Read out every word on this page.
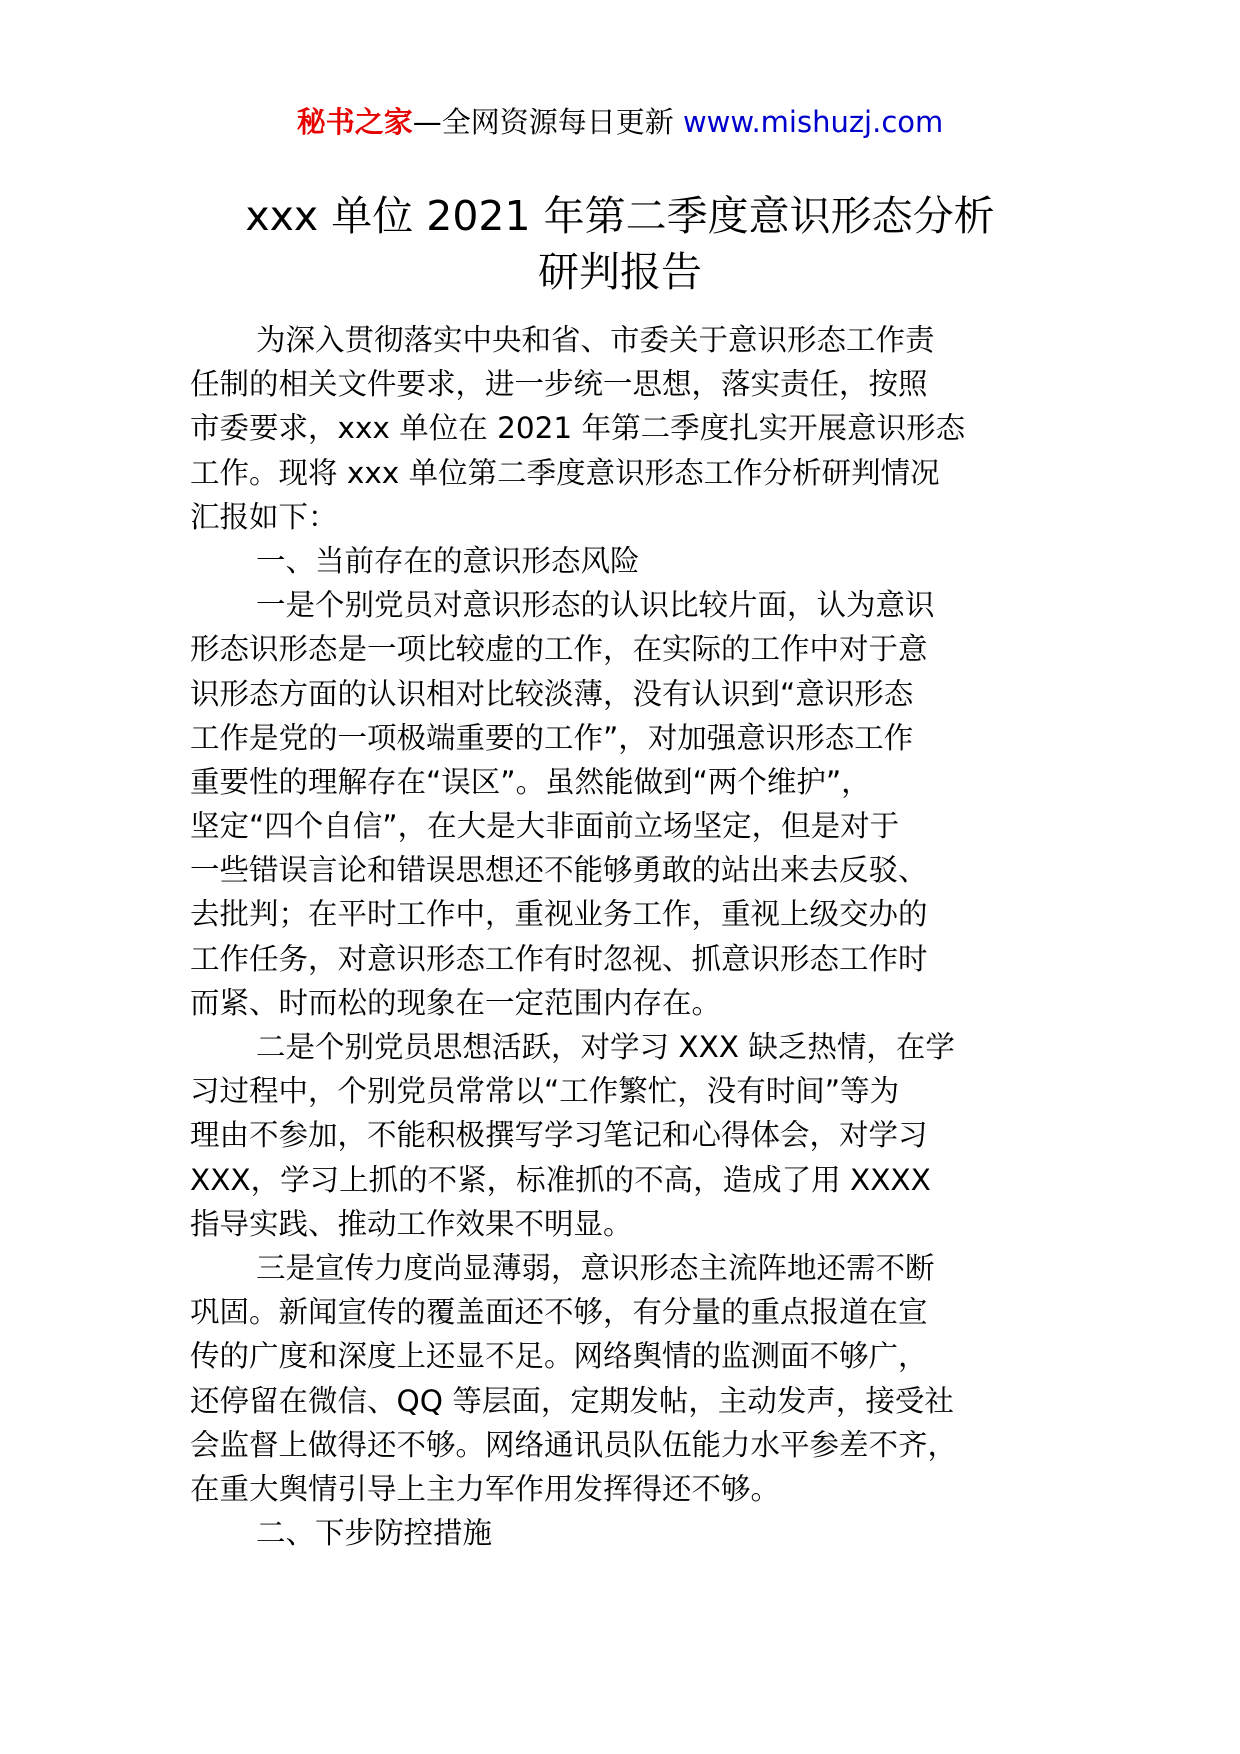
秘书之家—全网资源每日更新 www.mishuzj.com
xxx 单位 2021 年第二季度意识形态分析
研判报告
为深入贯彻落实中央和省、市委关于意识形态工作责
任制的相关文件要求，进一步统一思想，落实责任，按照
市委要求，xxx 单位在 2021 年第二季度扎实开展意识形态
工作。现将 xxx 单位第二季度意识形态工作分析研判情况
汇报如下：
一、当前存在的意识形态风险
一是个别党员对意识形态的认识比较片面，认为意识
形态识形态是一项比较虚的工作，在实际的工作中对于意
识形态方面的认识相对比较淡薄，没有认识到“意识形态
工作是党的一项极端重要的工作”，对加强意识形态工作
重要性的理解存在“误区”。虽然能做到“两个维护”，
坚定“四个自信”，在大是大非面前立场坚定，但是对于
一些错误言论和错误思想还不能够勇敢的站出来去反驳、
去批判；在平时工作中，重视业务工作，重视上级交办的
工作任务，对意识形态工作有时忽视、抓意识形态工作时
而紧、时而松的现象在一定范围内存在。
二是个别党员思想活跃，对学习 XXX 缺乏热情，在学
习过程中，个别党员常常以“工作繁忙，没有时间”等为
理由不参加，不能积极撰写学习笔记和心得体会，对学习
XXX，学习上抓的不紧，标准抓的不高，造成了用 XXXX
指导实践、推动工作效果不明显。
三是宣传力度尚显薄弱，意识形态主流阵地还需不断
巩固。新闻宣传的覆盖面还不够，有分量的重点报道在宣
传的广度和深度上还显不足。网络舆情的监测面不够广，
还停留在微信、QQ 等层面，定期发帖，主动发声，接受社
会监督上做得还不够。网络通讯员队伍能力水平参差不齐，
在重大舆情引导上主力军作用发挥得还不够。
二、下步防控措施
